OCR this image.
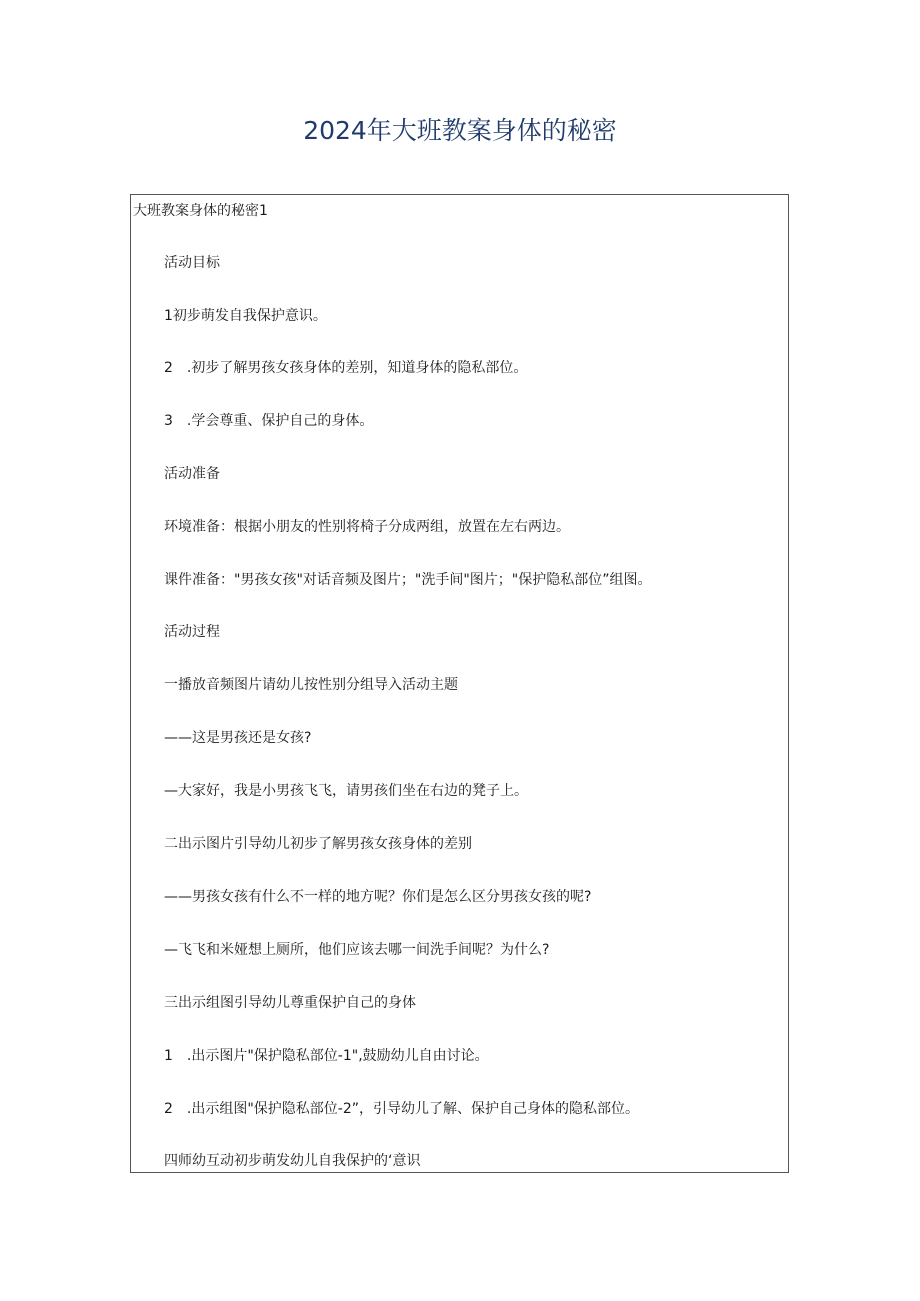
2024年大班教案身体的秘密

大班教案身体的秘密1

活动目标

1初步萌发自我保护意识。

2　.初步了解男孩女孩身体的差别，知道身体的隐私部位。

3　.学会尊重、保护自己的身体。

活动准备

环境准备：根据小朋友的性别将椅子分成两组，放置在左右两边。

课件准备："男孩女孩"对话音频及图片；"洗手间"图片；"保护隐私部位”组图。

活动过程

一播放音频图片请幼儿按性别分组导入活动主题

——这是男孩还是女孩?

—大家好，我是小男孩飞飞，请男孩们坐在右边的凳子上。

二出示图片引导幼儿初步了解男孩女孩身体的差别

——男孩女孩有什么不一样的地方呢？你们是怎么区分男孩女孩的呢?

—飞飞和米娅想上厕所，他们应该去哪一间洗手间呢？为什么?

三出示组图引导幼儿尊重保护自己的身体

1　.出示图片"保护隐私部位-1",鼓励幼儿自由讨论。

2　.出示组图"保护隐私部位-2”，引导幼儿了解、保护自己身体的隐私部位。

四师幼互动初步萌发幼儿自我保护的‘意识
